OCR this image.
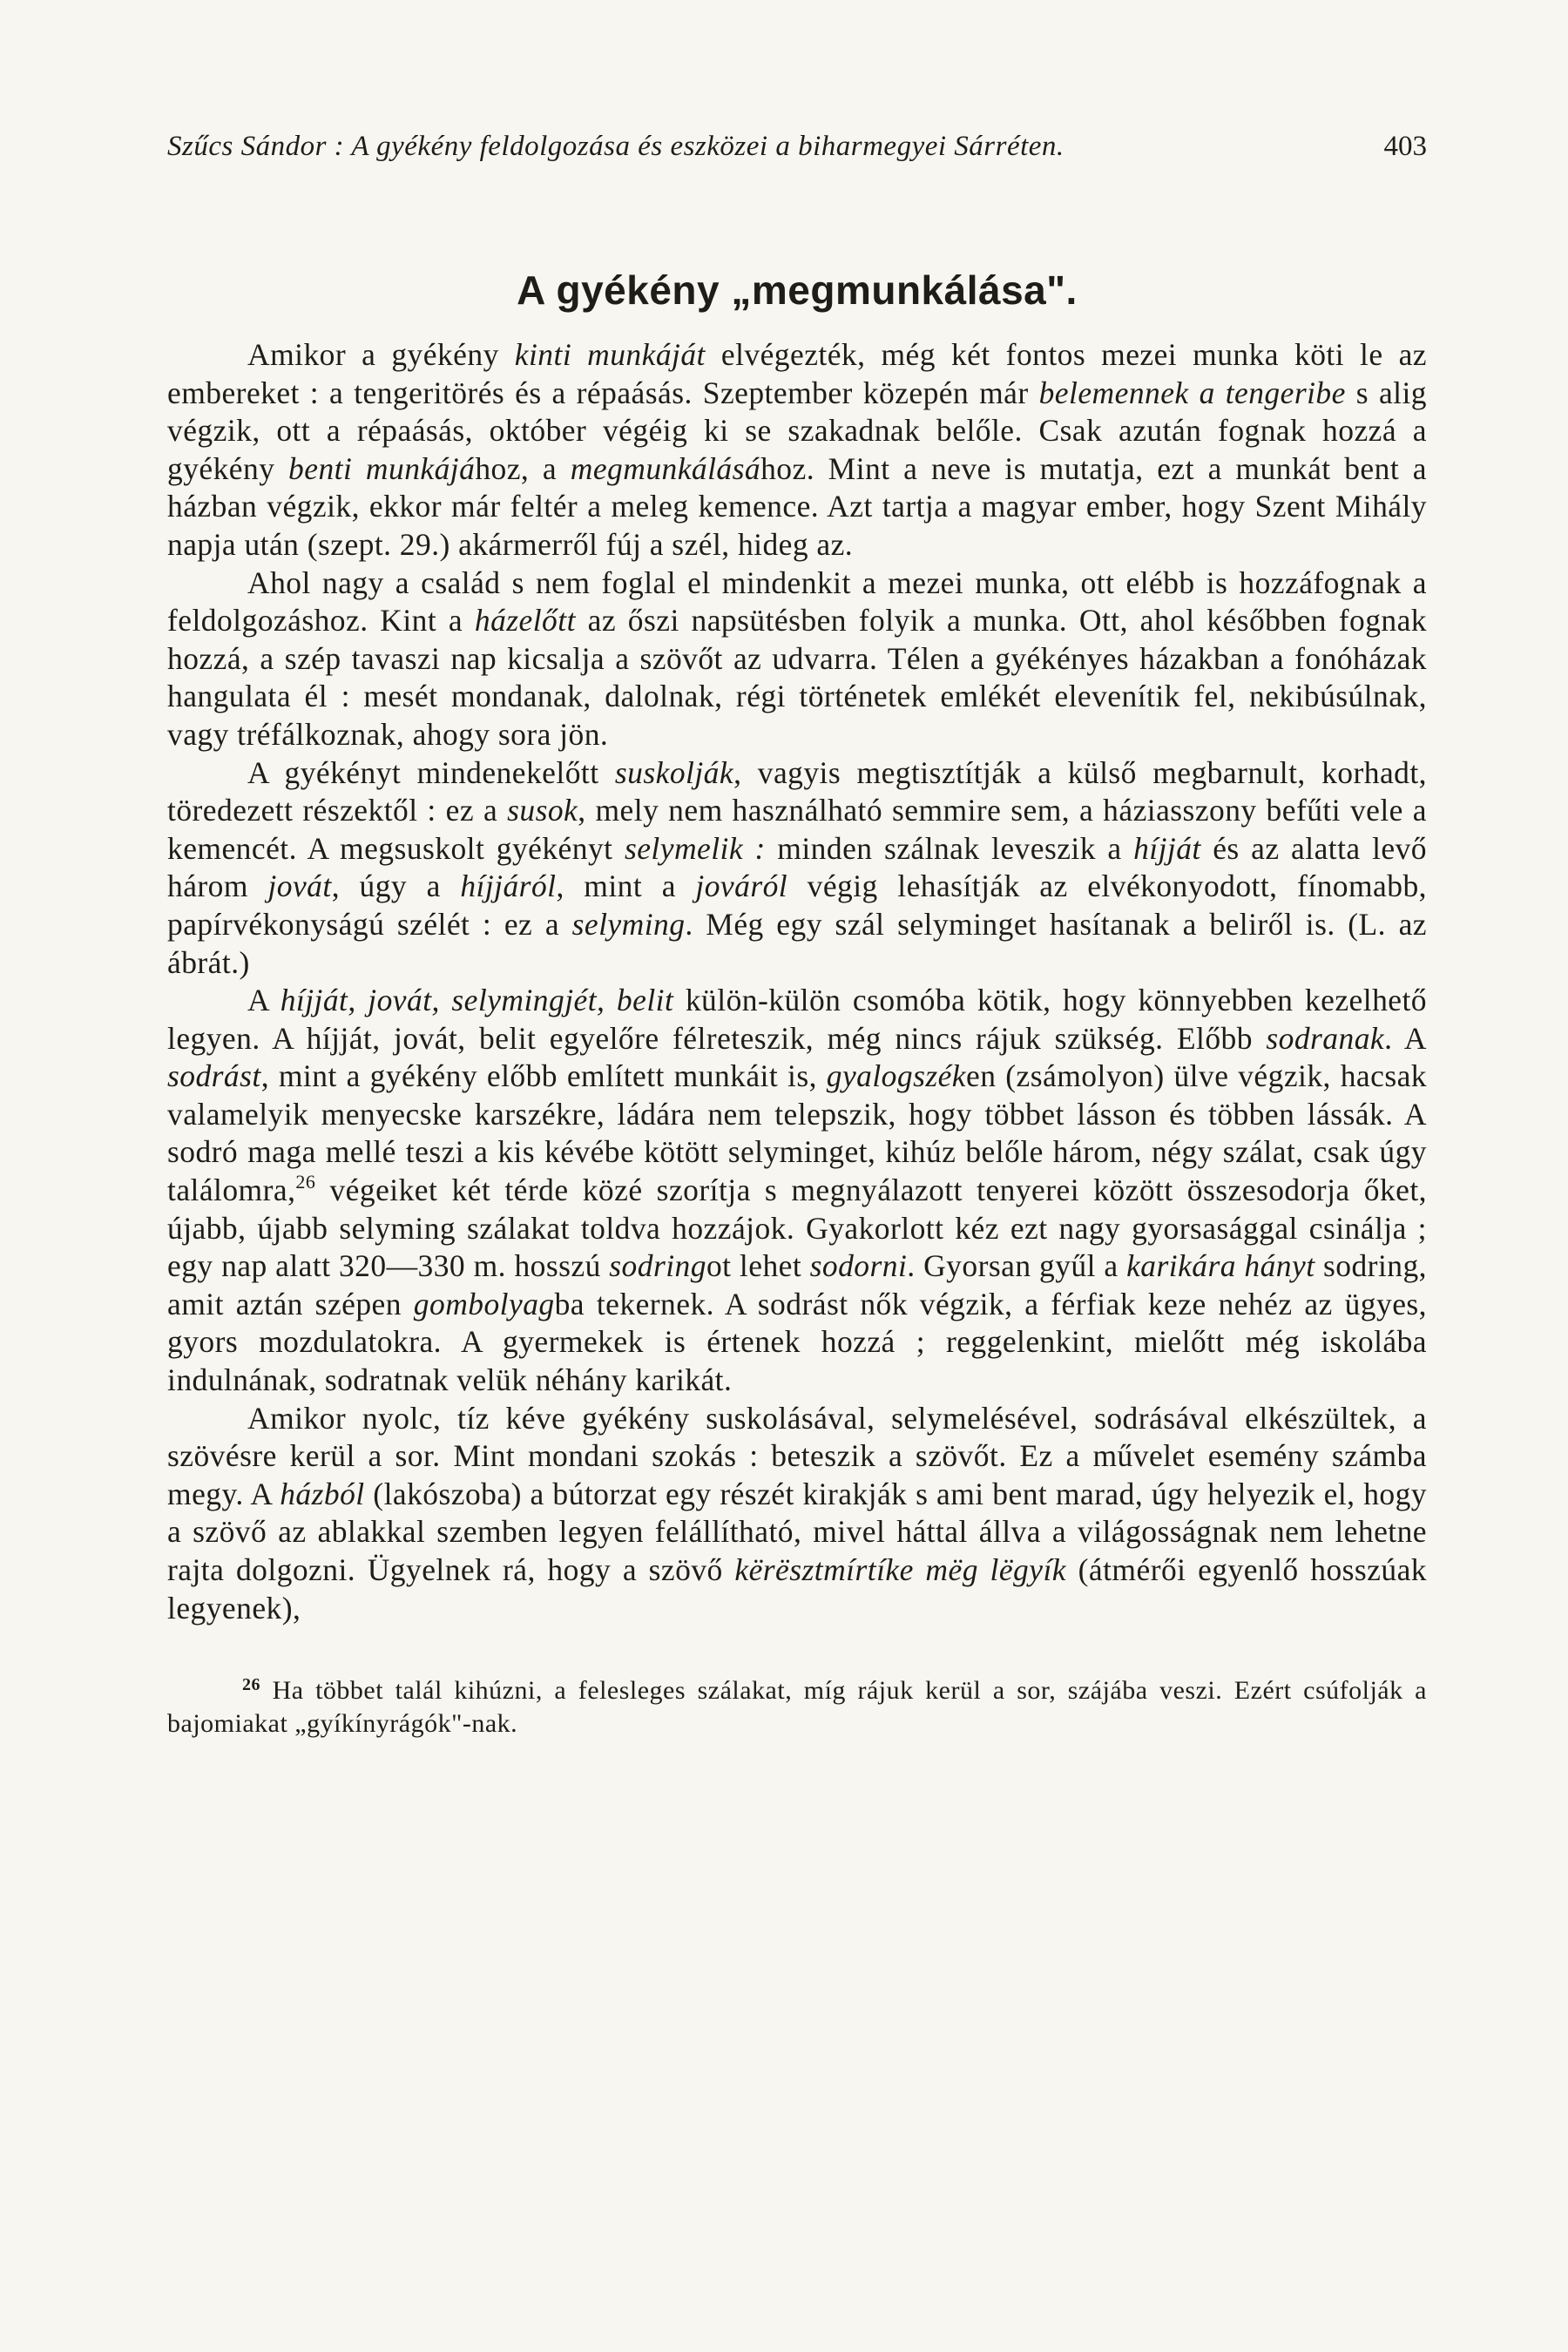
Szűcs Sándor : A gyékény feldolgozása és eszközei a biharmegyei Sárréten.	403
A gyékény „megmunkálása".

Amikor a gyékény kinti munkáját elvégezték, még két fontos mezei munka köti le az embereket : a tengeritörés és a répaásás. Szeptember közepén már belemennek a tengeribe s alig végzik, ott a répaásás, október végéig ki se szakadnak belőle. Csak azután fognak hozzá a gyékény benti munkájához, a megmunkálásához. Mint a neve is mutatja, ezt a munkát bent a házban végzik, ekkor már feltér a meleg kemence. Azt tartja a magyar ember, hogy Szent Mihály napja után (szept. 29.) akármerről fúj a szél, hideg az.

Ahol nagy a család s nem foglal el mindenkit a mezei munka, ott elébb is hozzáfognak a feldolgozáshoz. Kint a házelőtt az őszi napsütésben folyik a munka. Ott, ahol későbben fognak hozzá, a szép tavaszi nap kicsalja a szövőt az udvarra. Télen a gyékényes házakban a fonóházak hangulata él : mesét mondanak, dalolnak, régi történetek emlékét elevenítik fel, nekibúsúlnak, vagy tréfálkoznak, ahogy sora jön.

A gyékényt mindenekelőtt suskolják, vagyis megtisztítják a külső megbarnult, korhadt, töredezett részektől : ez a susok, mely nem használható semmire sem, a háziasszony befűti vele a kemencét. A megsuskolt gyékényt selymelik : minden szálnak leveszik a híjját és az alatta levő három jovát, úgy a híjjáról, mint a jováról végig lehasítják az elvékonyodott, fínomabb, papírvékonyságú szélét : ez a selyming. Még egy szál selyminget hasítanak a beliről is. (L. az ábrát.)

A híjját, jovát, selymingjét, belit külön-külön csomóba kötik, hogy könnyebben kezelhető legyen. A híjját, jovát, belit egyelőre félreteszik, még nincs rájuk szükség. Előbb sodranak. A sodrást, mint a gyékény előbb említett munkáit is, gyalogszéken (zsámolyon) ülve végzik, hacsak valamelyik menyecske karszékre, ládára nem telepszik, hogy többet lásson és többen lássák. A sodró maga mellé teszi a kis kévébe kötött selyminget, kihúz belőle három, négy szálat, csak úgy találomra,$^{26}$ végeiket két térde közé szorítja s megnyálazott tenyerei között összesodorja őket, újabb, újabb selyming szálakat toldva hozzájok. Gyakorlott kéz ezt nagy gyorsasággal csinálja ; egy nap alatt 320—330 m. hosszú sodringot lehet sodorni. Gyorsan gyűl a karikára hányt sodring, amit aztán szépen gombolyagba tekernek. A sodrást nők végzik, a férfiak keze nehéz az ügyes, gyors mozdulatokra. A gyermekek is értenek hozzá ; reggelenkint, mielőtt még iskolába indulnának, sodratnak velük néhány karikát.

Amikor nyolc, tíz kéve gyékény suskolásával, selymelésével, sodrásával elkészültek, a szövésre kerül a sor. Mint mondani szokás : beteszik a szövőt. Ez a művelet esemény számba megy. A házból (lakószoba) a bútorzat egy részét kirakják s ami bent marad, úgy helyezik el, hogy a szövő az ablakkal szemben legyen felállítható, mivel háttal állva a világosságnak nem lehetne rajta dolgozni. Ügyelnek rá, hogy a szövő kërësztmírtíke mëg lëgyík (átmérői egyenlő hosszúak legyenek),

$^{26}$ Ha többet talál kihúzni, a felesleges szálakat, míg rájuk kerül a sor, szájába veszi. Ezért csúfolják a bajomiakat „gyíkínyrágók"-nak.
